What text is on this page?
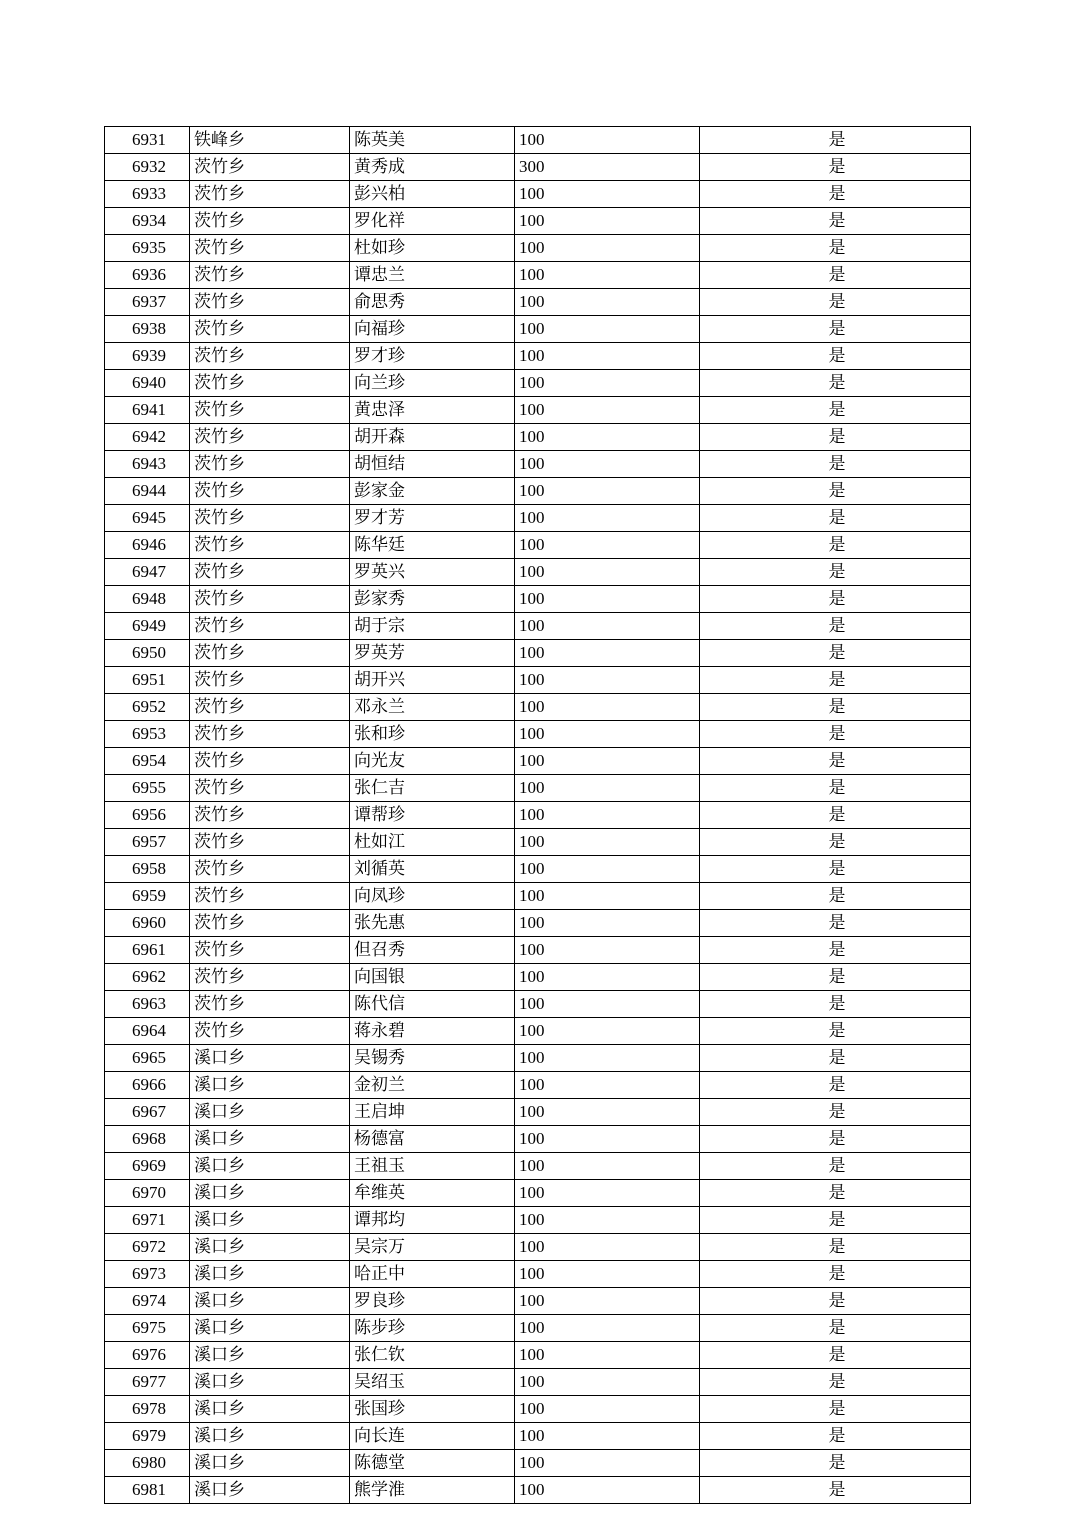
6931	铁峰乡	陈英美	100	是
6932	茨竹乡	黄秀成	300	是
6933	茨竹乡	彭兴柏	100	是
6934	茨竹乡	罗化祥	100	是
6935	茨竹乡	杜如珍	100	是
6936	茨竹乡	谭忠兰	100	是
6937	茨竹乡	俞思秀	100	是
6938	茨竹乡	向福珍	100	是
6939	茨竹乡	罗才珍	100	是
6940	茨竹乡	向兰珍	100	是
6941	茨竹乡	黄忠泽	100	是
6942	茨竹乡	胡开森	100	是
6943	茨竹乡	胡恒结	100	是
6944	茨竹乡	彭家金	100	是
6945	茨竹乡	罗才芳	100	是
6946	茨竹乡	陈华廷	100	是
6947	茨竹乡	罗英兴	100	是
6948	茨竹乡	彭家秀	100	是
6949	茨竹乡	胡于宗	100	是
6950	茨竹乡	罗英芳	100	是
6951	茨竹乡	胡开兴	100	是
6952	茨竹乡	邓永兰	100	是
6953	茨竹乡	张和珍	100	是
6954	茨竹乡	向光友	100	是
6955	茨竹乡	张仁吉	100	是
6956	茨竹乡	谭帮珍	100	是
6957	茨竹乡	杜如江	100	是
6958	茨竹乡	刘循英	100	是
6959	茨竹乡	向凤珍	100	是
6960	茨竹乡	张先惠	100	是
6961	茨竹乡	但召秀	100	是
6962	茨竹乡	向国银	100	是
6963	茨竹乡	陈代信	100	是
6964	茨竹乡	蒋永碧	100	是
6965	溪口乡	吴锡秀	100	是
6966	溪口乡	金初兰	100	是
6967	溪口乡	王启坤	100	是
6968	溪口乡	杨德富	100	是
6969	溪口乡	王祖玉	100	是
6970	溪口乡	牟维英	100	是
6971	溪口乡	谭邦均	100	是
6972	溪口乡	吴宗万	100	是
6973	溪口乡	哈正中	100	是
6974	溪口乡	罗良珍	100	是
6975	溪口乡	陈步珍	100	是
6976	溪口乡	张仁钦	100	是
6977	溪口乡	吴绍玉	100	是
6978	溪口乡	张国珍	100	是
6979	溪口乡	向长连	100	是
6980	溪口乡	陈德堂	100	是
6981	溪口乡	熊学淮	100	是
